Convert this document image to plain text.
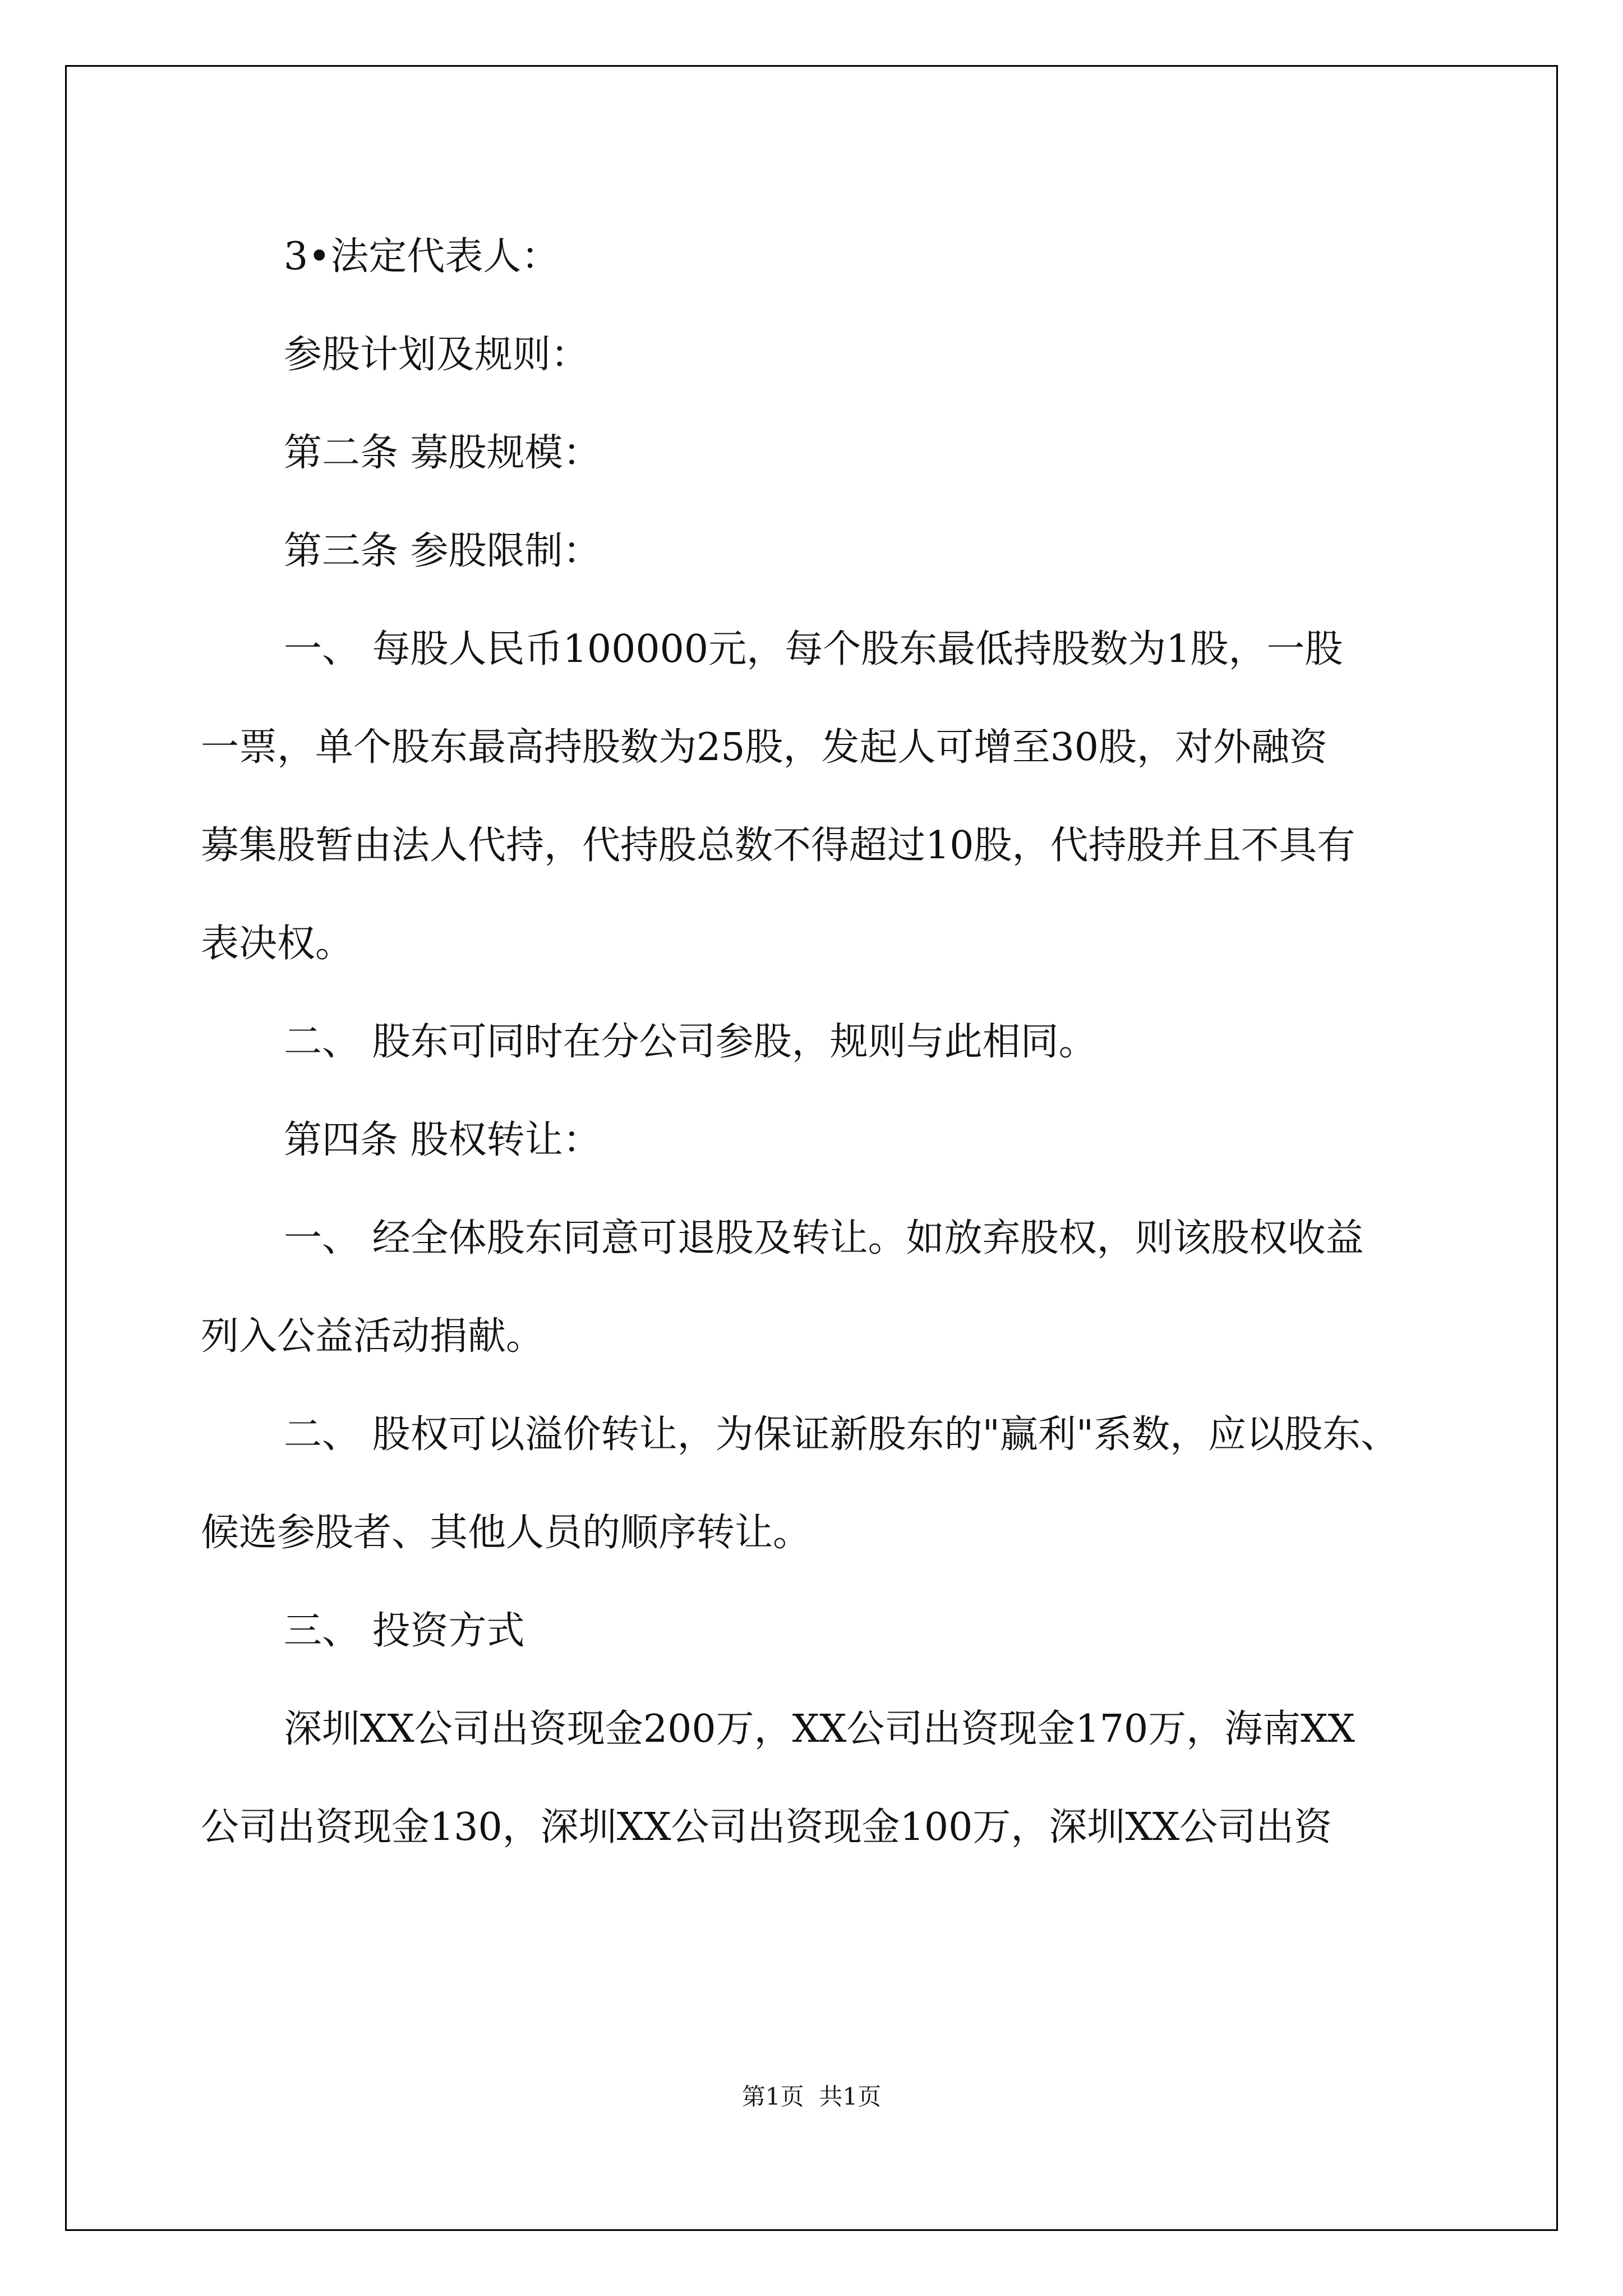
3•法定代表人：
参股计划及规则：
第二条 募股规模：
第三条 参股限制：
一、 每股人民币100000元，每个股东最低持股数为1股，一股
一票，单个股东最高持股数为25股，发起人可增至30股，对外融资
募集股暂由法人代持，代持股总数不得超过10股，代持股并且不具有
表决权。
二、 股东可同时在分公司参股，规则与此相同。
第四条 股权转让：
一、 经全体股东同意可退股及转让。如放弃股权，则该股权收益
列入公益活动捐献。
二、 股权可以溢价转让，为保证新股东的"赢利"系数，应以股东、
候选参股者、其他人员的顺序转让。
三、 投资方式
深圳XX公司出资现金200万，XX公司出资现金170万，海南XX
公司出资现金130，深圳XX公司出资现金100万，深圳XX公司出资
第1页  共1页
